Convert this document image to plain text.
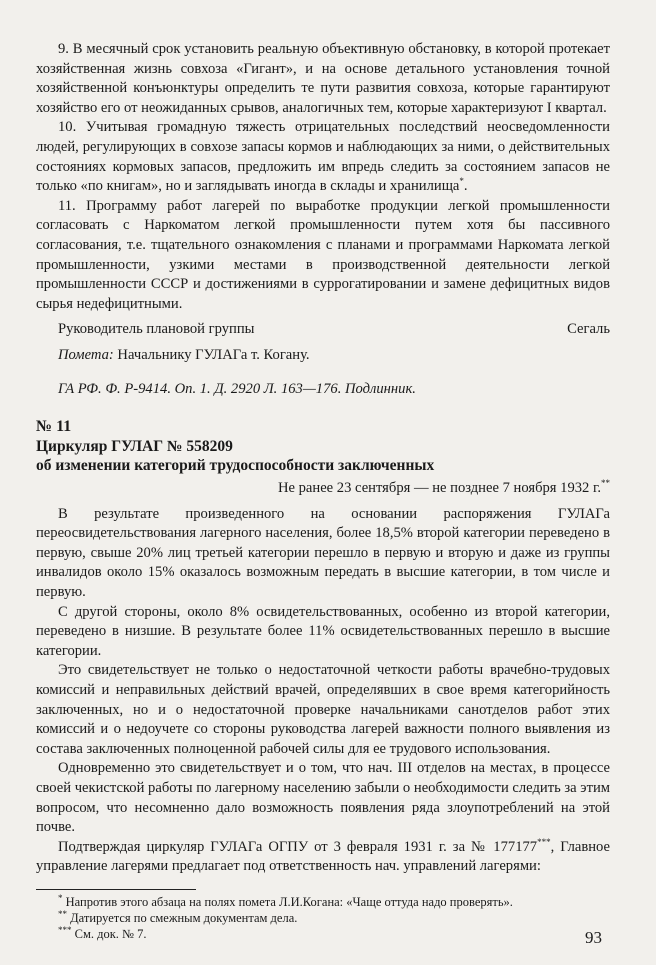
9. В месячный срок установить реальную объективную обстановку, в которой протекает хозяйственная жизнь совхоза «Гигант», и на основе детального установления точной хозяйственной конъюнктуры определить те пути развития совхоза, которые гарантируют хозяйство его от неожиданных срывов, аналогичных тем, которые характеризуют I квартал.

10. Учитывая громадную тяжесть отрицательных последствий неосведомленности людей, регулирующих в совхозе запасы кормов и наблюдающих за ними, о действительных состояниях кормовых запасов, предложить им впредь следить за состоянием запасов не только «по книгам», но и заглядывать иногда в склады и хранилища*.

11. Программу работ лагерей по выработке продукции легкой промышленности согласовать с Наркоматом легкой промышленности путем хотя бы пассивного согласования, т.е. тщательного ознакомления с планами и программами Наркомата легкой промышленности, узкими местами в производственной деятельности легкой промышленности СССР и достижениями в суррогатировании и замене дефицитных видов сырья недефицитными.

Руководитель плановой группы	Сегаль
Помета: Начальнику ГУЛАГа т. Когану.
ГА РФ. Ф. Р-9414. Оп. 1. Д. 2920 Л. 163—176. Подлинник.
№ 11
Циркуляр ГУЛАГ № 558209
об изменении категорий трудоспособности заключенных
Не ранее 23 сентября — не позднее 7 ноября 1932 г.**

В результате произведенного на основании распоряжения ГУЛАГа переосвидетельствования лагерного населения, более 18,5% второй категории переведено в первую, свыше 20% лиц третьей категории перешло в первую и вторую и даже из группы инвалидов около 15% оказалось возможным передать в высшие категории, в том числе и первую.

С другой стороны, около 8% освидетельствованных, особенно из второй категории, переведено в низшие. В результате более 11% освидетельствованных перешло в высшие категории.

Это свидетельствует не только о недостаточной четкости работы врачебно-трудовых комиссий и неправильных действий врачей, определявших в свое время категорийность заключенных, но и о недостаточной проверке начальниками санотделов работ этих комиссий и о недоучете со стороны руководства лагерей важности полного выявления из состава заключенных полноценной рабочей силы для ее трудового использования.

Одновременно это свидетельствует и о том, что нач. III отделов на местах, в процессе своей чекистской работы по лагерному населению забыли о необходимости следить за этим вопросом, что несомненно дало возможность появления ряда злоупотреблений на этой почве.

Подтверждая циркуляр ГУЛАГа ОГПУ от 3 февраля 1931 г. за № 177177***, Главное управление лагерями предлагает под ответственность нач. управлений лагерями:

* Напротив этого абзаца на полях помета Л.И.Когана: «Чаще оттуда надо проверять».
** Датируется по смежным документам дела.
*** См. док. № 7.	93
